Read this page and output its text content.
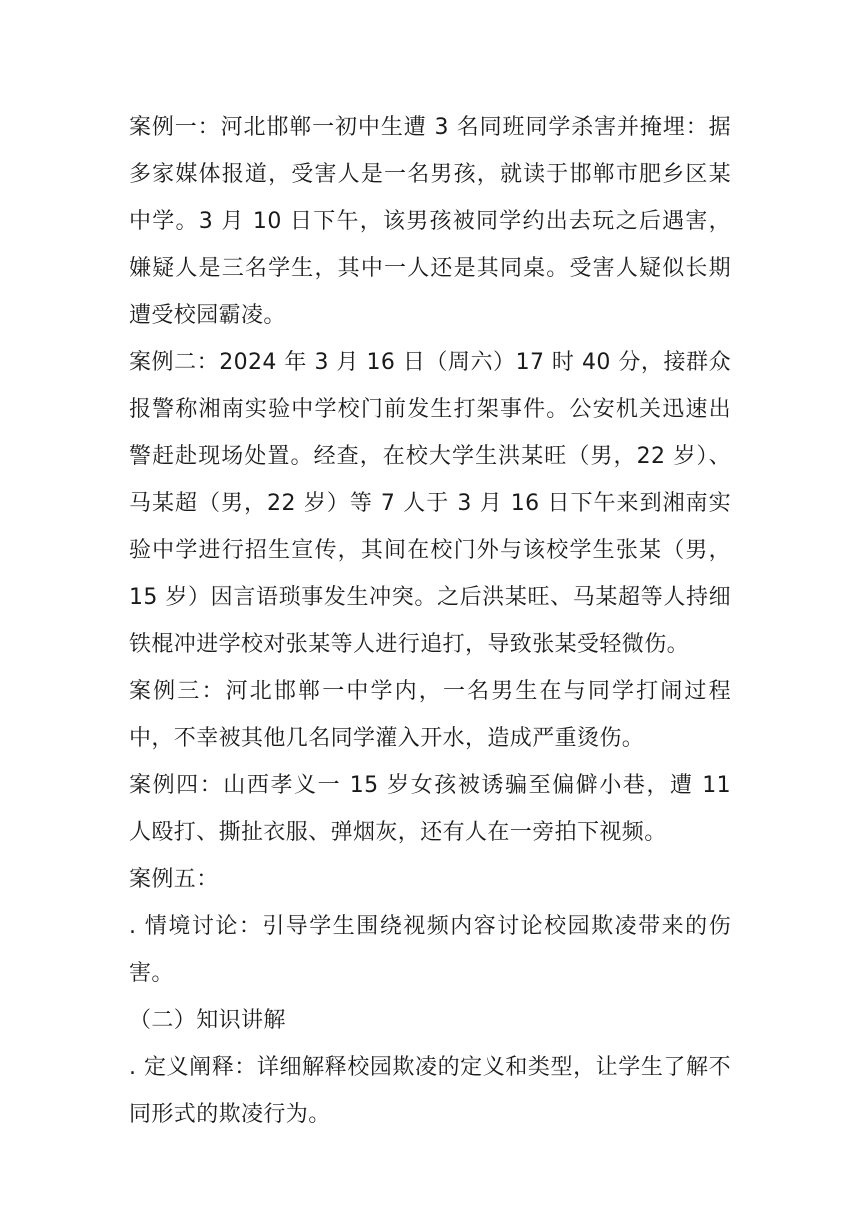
案例一：河北邯郸一初中生遭 3 名同班同学杀害并掩埋：据多家媒体报道，受害人是一名男孩，就读于邯郸市肥乡区某中学。3 月 10 日下午，该男孩被同学约出去玩之后遇害，嫌疑人是三名学生，其中一人还是其同桌。受害人疑似长期遭受校园霸凌。

案例二：2024 年 3 月 16 日（周六）17 时 40 分，接群众报警称湘南实验中学校门前发生打架事件。公安机关迅速出警赶赴现场处置。经查，在校大学生洪某旺（男，22 岁）、马某超（男，22 岁）等 7 人于 3 月 16 日下午来到湘南实验中学进行招生宣传，其间在校门外与该校学生张某（男，15 岁）因言语琐事发生冲突。之后洪某旺、马某超等人持细铁棍冲进学校对张某等人进行追打，导致张某受轻微伤。

案例三：河北邯郸一中学内，一名男生在与同学打闹过程中，不幸被其他几名同学灌入开水，造成严重烫伤。

案例四：山西孝义一 15 岁女孩被诱骗至偏僻小巷，遭 11 人殴打、撕扯衣服、弹烟灰，还有人在一旁拍下视频。

案例五：

. 情境讨论：引导学生围绕视频内容讨论校园欺凌带来的伤害。

（二）知识讲解

. 定义阐释：详细解释校园欺凌的定义和类型，让学生了解不同形式的欺凌行为。
